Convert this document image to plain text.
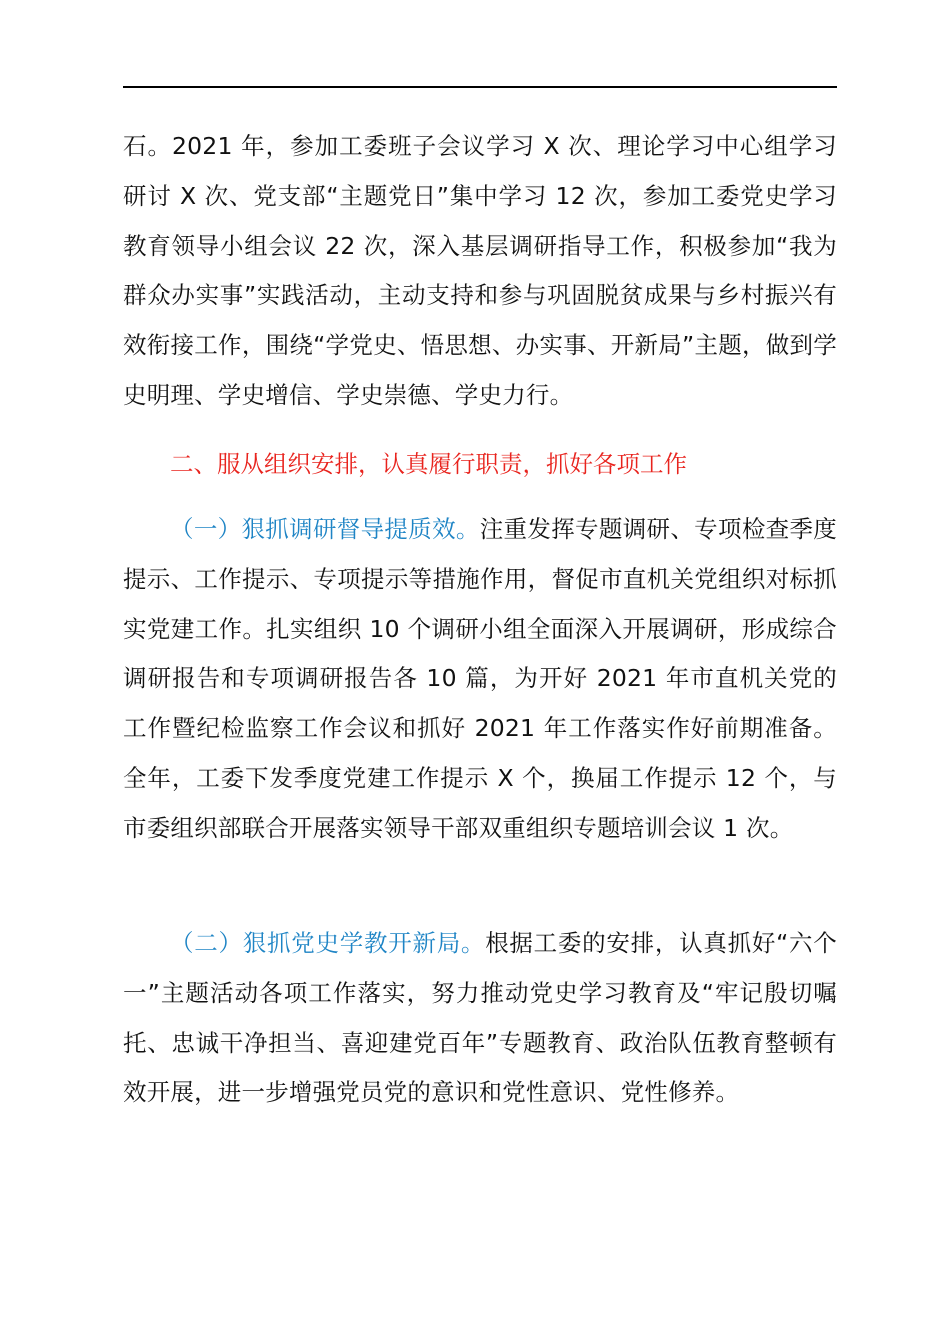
石。2021 年，参加工委班子会议学习 X 次、理论学习中心组学习研讨 X 次、党支部“主题党日”集中学习 12 次，参加工委党史学习教育领导小组会议 22 次，深入基层调研指导工作，积极参加“我为群众办实事”实践活动，主动支持和参与巩固脱贫成果与乡村振兴有效衔接工作，围绕“学党史、悟思想、办实事、开新局”主题，做到学史明理、学史增信、学史崇德、学史力行。

二、服从组织安排，认真履行职责，抓好各项工作

（一）狠抓调研督导提质效。注重发挥专题调研、专项检查季度提示、工作提示、专项提示等措施作用，督促市直机关党组织对标抓实党建工作。扎实组织 10 个调研小组全面深入开展调研，形成综合调研报告和专项调研报告各 10 篇，为开好 2021 年市直机关党的工作暨纪检监察工作会议和抓好 2021 年工作落实作好前期准备。全年，工委下发季度党建工作提示 X 个，换届工作提示 12 个，与市委组织部联合开展落实领导干部双重组织专题培训会议 1 次。

（二）狠抓党史学教开新局。根据工委的安排，认真抓好“六个一”主题活动各项工作落实，努力推动党史学习教育及“牢记殷切嘱托、忠诚干净担当、喜迎建党百年”专题教育、政治队伍教育整顿有效开展，进一步增强党员党的意识和党性意识、党性修养。
